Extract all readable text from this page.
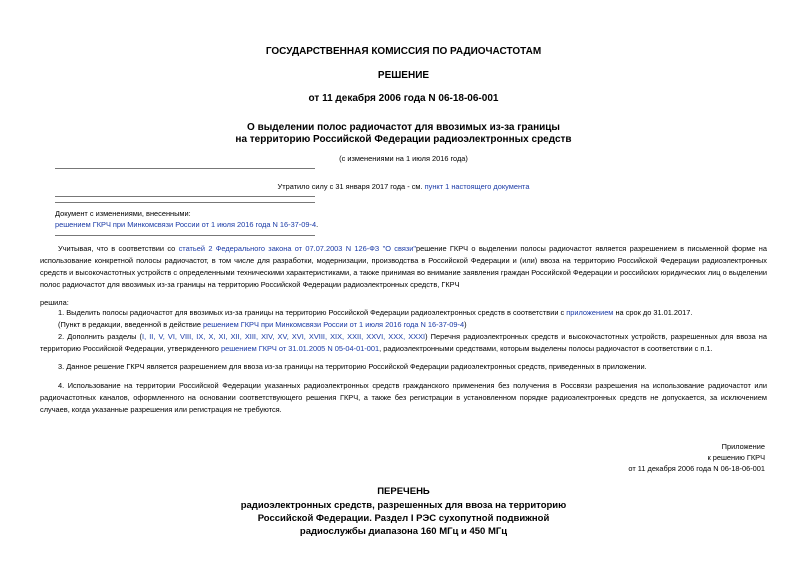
ГОСУДАРСТВЕННАЯ КОМИССИЯ ПО РАДИОЧАСТОТАМ
РЕШЕНИЕ
от 11 декабря 2006 года N 06-18-06-001
О выделении полос радиочастот для ввозимых из-за границы
на территорию Российской Федерации радиоэлектронных средств
(с изменениями на 1 июля 2016 года)
Утратило силу с 31 января 2017 года - см. пункт 1 настоящего документа
Документ с изменениями, внесенными:
решением ГКРЧ при Минкомсвязи России от 1 июля 2016 года N 16-37-09-4.
Учитывая, что в соответствии со статьей 2 Федерального закона от 07.07.2003 N 126-ФЗ "О связи"решение ГКРЧ о выделении полосы радиочастот является разрешением в письменной форме на использование конкретной полосы радиочастот, в том числе для разработки, модернизации, производства в Российской Федерации и (или) ввоза на территорию Российской Федерации радиоэлектронных средств и высокочастотных устройств с определенными техническими характеристиками, а также принимая во внимание заявления граждан Российской Федерации и российских юридических лиц о выделении полос радиочастот для ввозимых из-за границы на территорию Российской Федерации радиоэлектронных средств, ГКРЧ
решила:
1. Выделить полосы радиочастот для ввозимых из-за границы на территорию Российской Федерации радиоэлектронных средств в соответствии с приложением на срок до 31.01.2017.
(Пункт в редакции, введенной в действие решением ГКРЧ при Минкомсвязи России от 1 июля 2016 года N 16-37-09-4)
2. Дополнить разделы (I, II, V, VI, VIII, IX, X, XI, XII, XIII, XIV, XV, XVI, XVIII, XIX, XXII, XXVI, XXX, XXXI) Перечня радиоэлектронных средств и высокочастотных устройств, разрешенных для ввоза на территорию Российской Федерации, утвержденного решением ГКРЧ от 31.01.2005 N 05-04-01-001, радиоэлектронными средствами, которым выделены полосы радиочастот в соответствии с п.1.
3. Данное решение ГКРЧ является разрешением для ввоза из-за границы на территорию Российской Федерации радиоэлектронных средств, приведенных в приложении.
4. Использование на территории Российской Федерации указанных радиоэлектронных средств гражданского применения без получения в Россвязи разрешения на использование радиочастот или радиочастотных каналов, оформленного на основании соответствующего решения ГКРЧ, а также без регистрации в установленном порядке радиоэлектронных средств не допускается, за исключением случаев, когда указанные разрешения или регистрация не требуются.
Приложение
к решению ГКРЧ
от 11 декабря 2006 года N 06-18-06-001
ПЕРЕЧЕНЬ
радиоэлектронных средств, разрешенных для ввоза на территорию
Российской Федерации. Раздел I РЭС сухопутной подвижной
радиослужбы диапазона 160 МГц и 450 МГц
